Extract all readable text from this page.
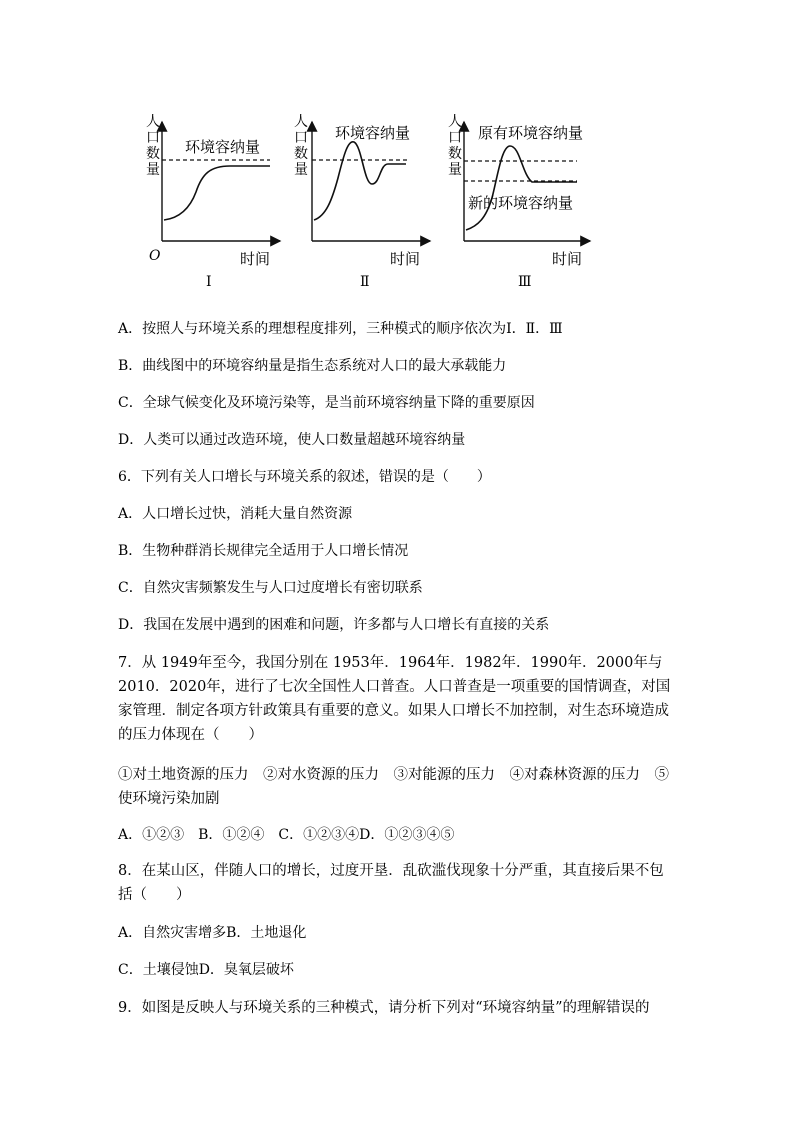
人口数量
环境容纳量
O	时间
Ⅰ
人口数量
环境容纳量
时间
Ⅱ
人口数量
原有环境容纳量
新的环境容纳量
时间
Ⅲ
A．按照人与环境关系的理想程度排列，三种模式的顺序依次为Ⅰ．Ⅱ．Ⅲ
B．曲线图中的环境容纳量是指生态系统对人口的最大承载能力
C．全球气候变化及环境污染等，是当前环境容纳量下降的重要原因
D．人类可以通过改造环境，使人口数量超越环境容纳量
6．下列有关人口增长与环境关系的叙述，错误的是（　　）
A．人口增长过快，消耗大量自然资源
B．生物种群消长规律完全适用于人口增长情况
C．自然灾害频繁发生与人口过度增长有密切联系
D．我国在发展中遇到的困难和问题，许多都与人口增长有直接的关系
7．从 1949年至今，我国分别在 1953年．1964年．1982年．1990年．2000年与 2010．2020年，进行了七次全国性人口普查。人口普查是一项重要的国情调查，对国家管理．制定各项方针政策具有重要的意义。如果人口增长不加控制，对生态环境造成的压力体现在（　　）
①对土地资源的压力　②对水资源的压力　③对能源的压力　④对森林资源的压力　⑤使环境污染加剧
A．①②③　B．①②④　C．①②③④D．①②③④⑤
8．在某山区，伴随人口的增长，过度开垦．乱砍滥伐现象十分严重，其直接后果不包括（　　）
A．自然灾害增多B．土地退化
C．土壤侵蚀D．臭氧层破坏
9．如图是反映人与环境关系的三种模式，请分析下列对“环境容纳量”的理解错误的
